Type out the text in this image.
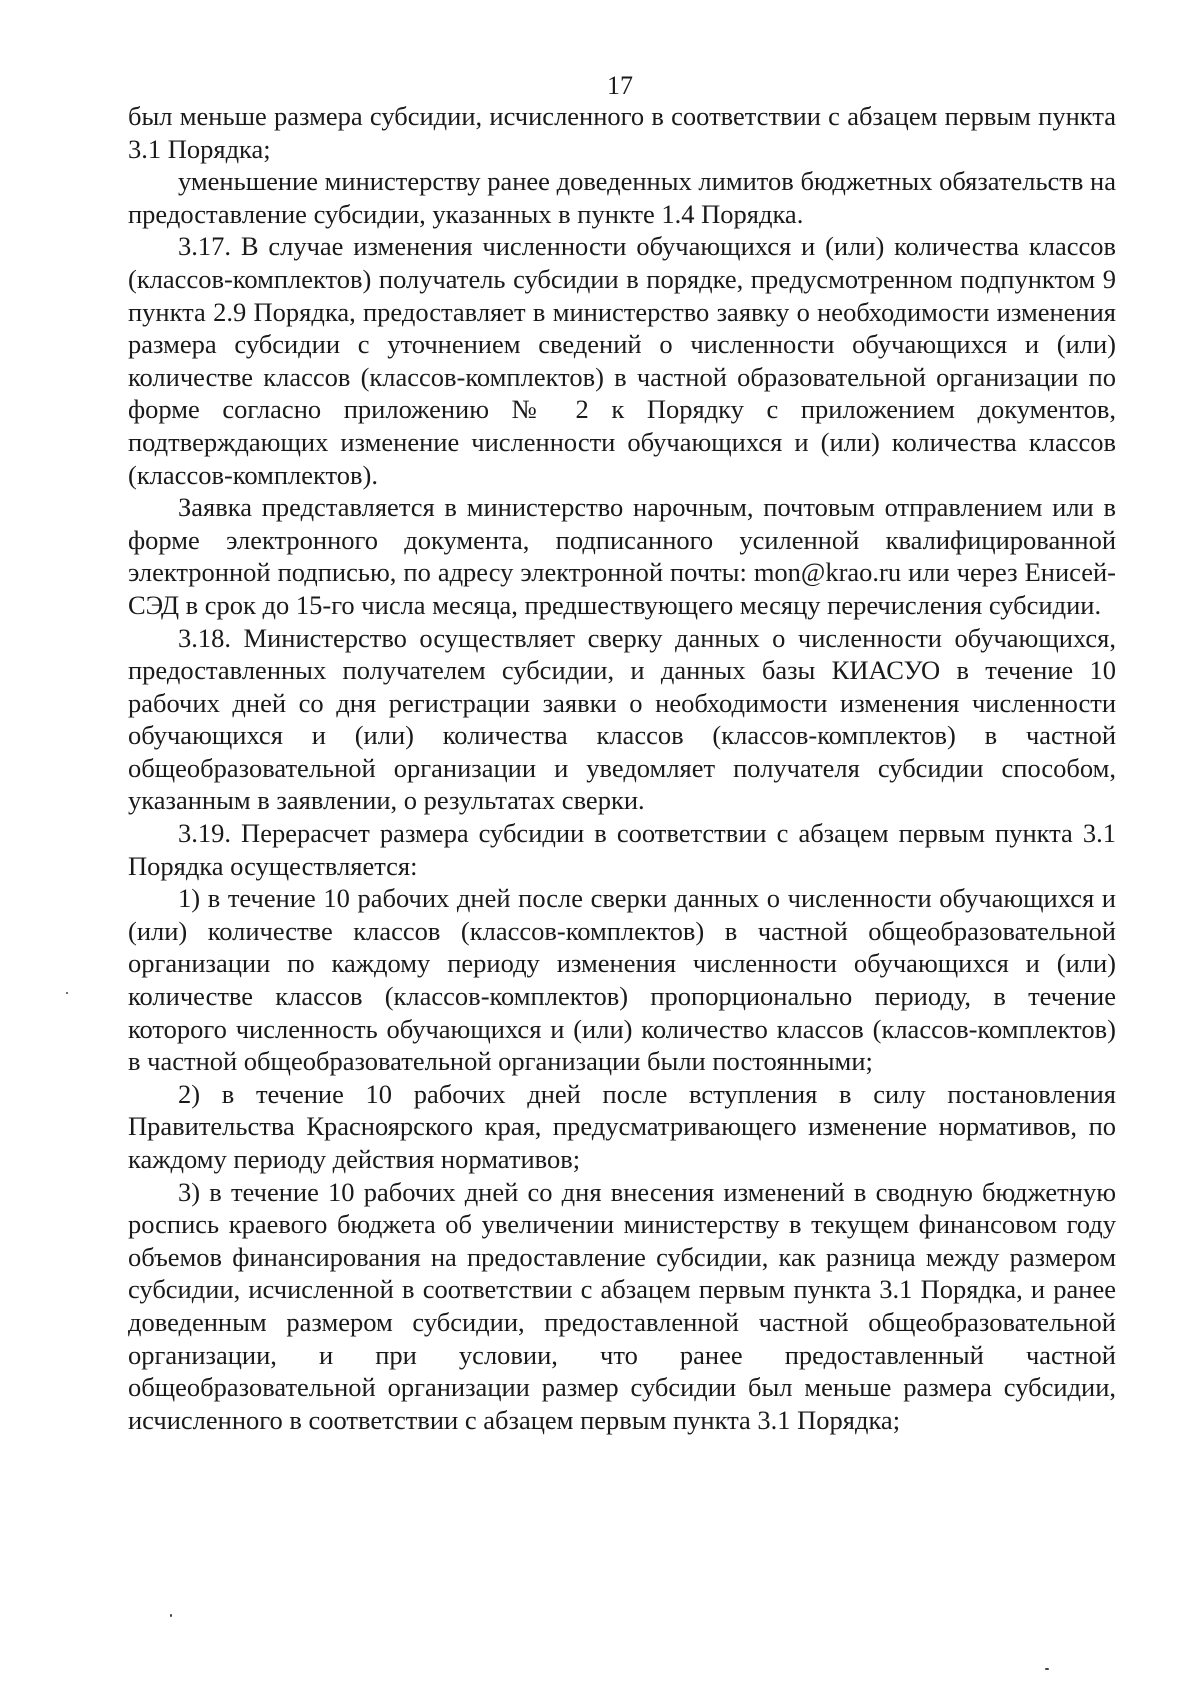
17

был меньше размера субсидии, исчисленного в соответствии с абзацем первым пункта 3.1 Порядка;

уменьшение министерству ранее доведенных лимитов бюджетных обязательств на предоставление субсидии, указанных в пункте 1.4 Порядка.

3.17. В случае изменения численности обучающихся и (или) количества классов (классов-комплектов) получатель субсидии в порядке, предусмотренном подпунктом 9 пункта 2.9 Порядка, предоставляет в министерство заявку о необходимости изменения размера субсидии с уточнением сведений о численности обучающихся и (или) количестве классов (классов-комплектов) в частной образовательной организации по форме согласно приложению № 2 к Порядку с приложением документов, подтверждающих изменение численности обучающихся и (или) количества классов (классов-комплектов).

Заявка представляется в министерство нарочным, почтовым отправлением или в форме электронного документа, подписанного усиленной квалифицированной электронной подписью, по адресу электронной почты: mon@krao.ru или через Енисей-СЭД в срок до 15-го числа месяца, предшествующего месяцу перечисления субсидии.

3.18. Министерство осуществляет сверку данных о численности обучающихся, предоставленных получателем субсидии, и данных базы КИАСУО в течение 10 рабочих дней со дня регистрации заявки о необходимости изменения численности обучающихся и (или) количества классов (классов-комплектов) в частной общеобразовательной организации и уведомляет получателя субсидии способом, указанным в заявлении, о результатах сверки.

3.19. Перерасчет размера субсидии в соответствии с абзацем первым пункта 3.1 Порядка осуществляется:

1) в течение 10 рабочих дней после сверки данных о численности обучающихся и (или) количестве классов (классов-комплектов) в частной общеобразовательной организации по каждому периоду изменения численности обучающихся и (или) количестве классов (классов-комплектов) пропорционально периоду, в течение которого численность обучающихся и (или) количество классов (классов-комплектов) в частной общеобразовательной организации были постоянными;

2) в течение 10 рабочих дней после вступления в силу постановления Правительства Красноярского края, предусматривающего изменение нормативов, по каждому периоду действия нормативов;

3) в течение 10 рабочих дней со дня внесения изменений в сводную бюджетную роспись краевого бюджета об увеличении министерству в текущем финансовом году объемов финансирования на предоставление субсидии, как разница между размером субсидии, исчисленной в соответствии с абзацем первым пункта 3.1 Порядка, и ранее доведенным размером субсидии, предоставленной частной общеобразовательной организации, и при условии, что ранее предоставленный частной общеобразовательной организации размер субсидии был меньше размера субсидии, исчисленного в соответствии с абзацем первым пункта 3.1 Порядка;
